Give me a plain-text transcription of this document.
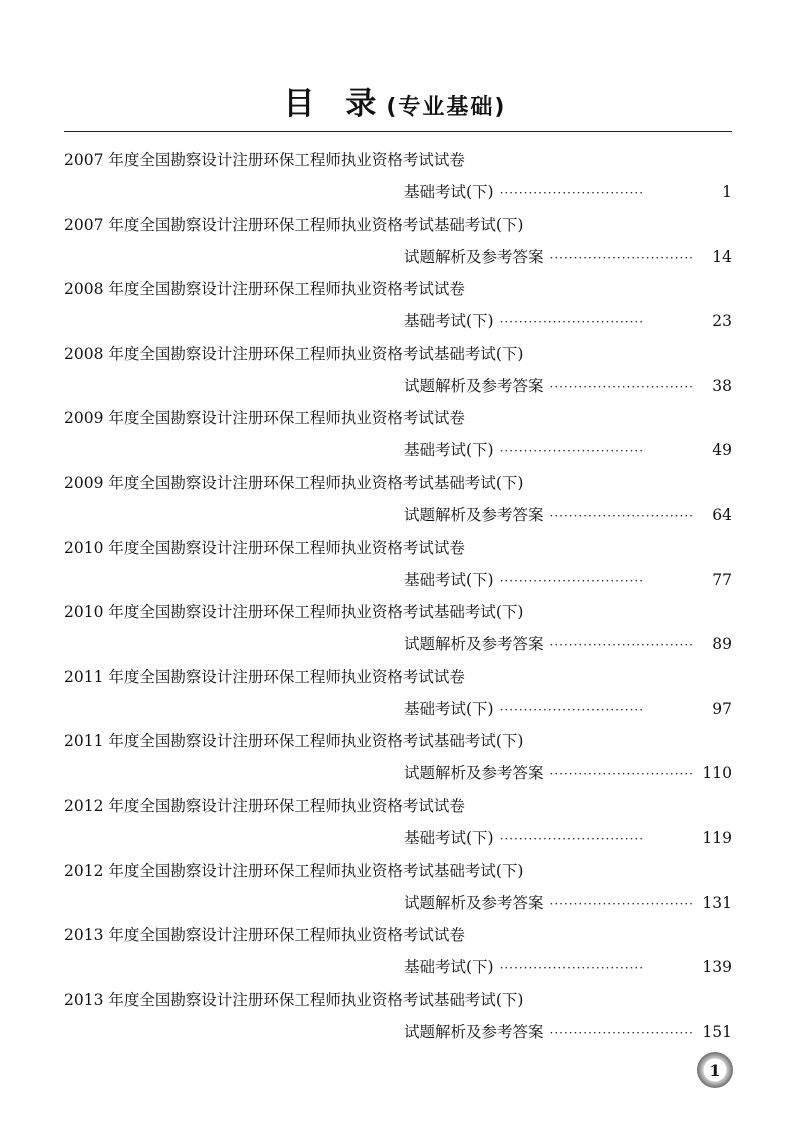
目 录(专业基础)
2007 年度全国勘察设计注册环保工程师执业资格考试试卷
基础考试(下) ······························	1
2007 年度全国勘察设计注册环保工程师执业资格考试基础考试(下)
试题解析及参考答案 ······························	14
2008 年度全国勘察设计注册环保工程师执业资格考试试卷
基础考试(下) ······························	23
2008 年度全国勘察设计注册环保工程师执业资格考试基础考试(下)
试题解析及参考答案 ······························	38
2009 年度全国勘察设计注册环保工程师执业资格考试试卷
基础考试(下) ······························	49
2009 年度全国勘察设计注册环保工程师执业资格考试基础考试(下)
试题解析及参考答案 ······························	64
2010 年度全国勘察设计注册环保工程师执业资格考试试卷
基础考试(下) ······························	77
2010 年度全国勘察设计注册环保工程师执业资格考试基础考试(下)
试题解析及参考答案 ······························	89
2011 年度全国勘察设计注册环保工程师执业资格考试试卷
基础考试(下) ······························	97
2011 年度全国勘察设计注册环保工程师执业资格考试基础考试(下)
试题解析及参考答案 ······························ 110
2012 年度全国勘察设计注册环保工程师执业资格考试试卷
基础考试(下) ······························	119
2012 年度全国勘察设计注册环保工程师执业资格考试基础考试(下)
试题解析及参考答案 ······························ 131
2013 年度全国勘察设计注册环保工程师执业资格考试试卷
基础考试(下) ······························	139
2013 年度全国勘察设计注册环保工程师执业资格考试基础考试(下)
试题解析及参考答案 ······························ 151
1
